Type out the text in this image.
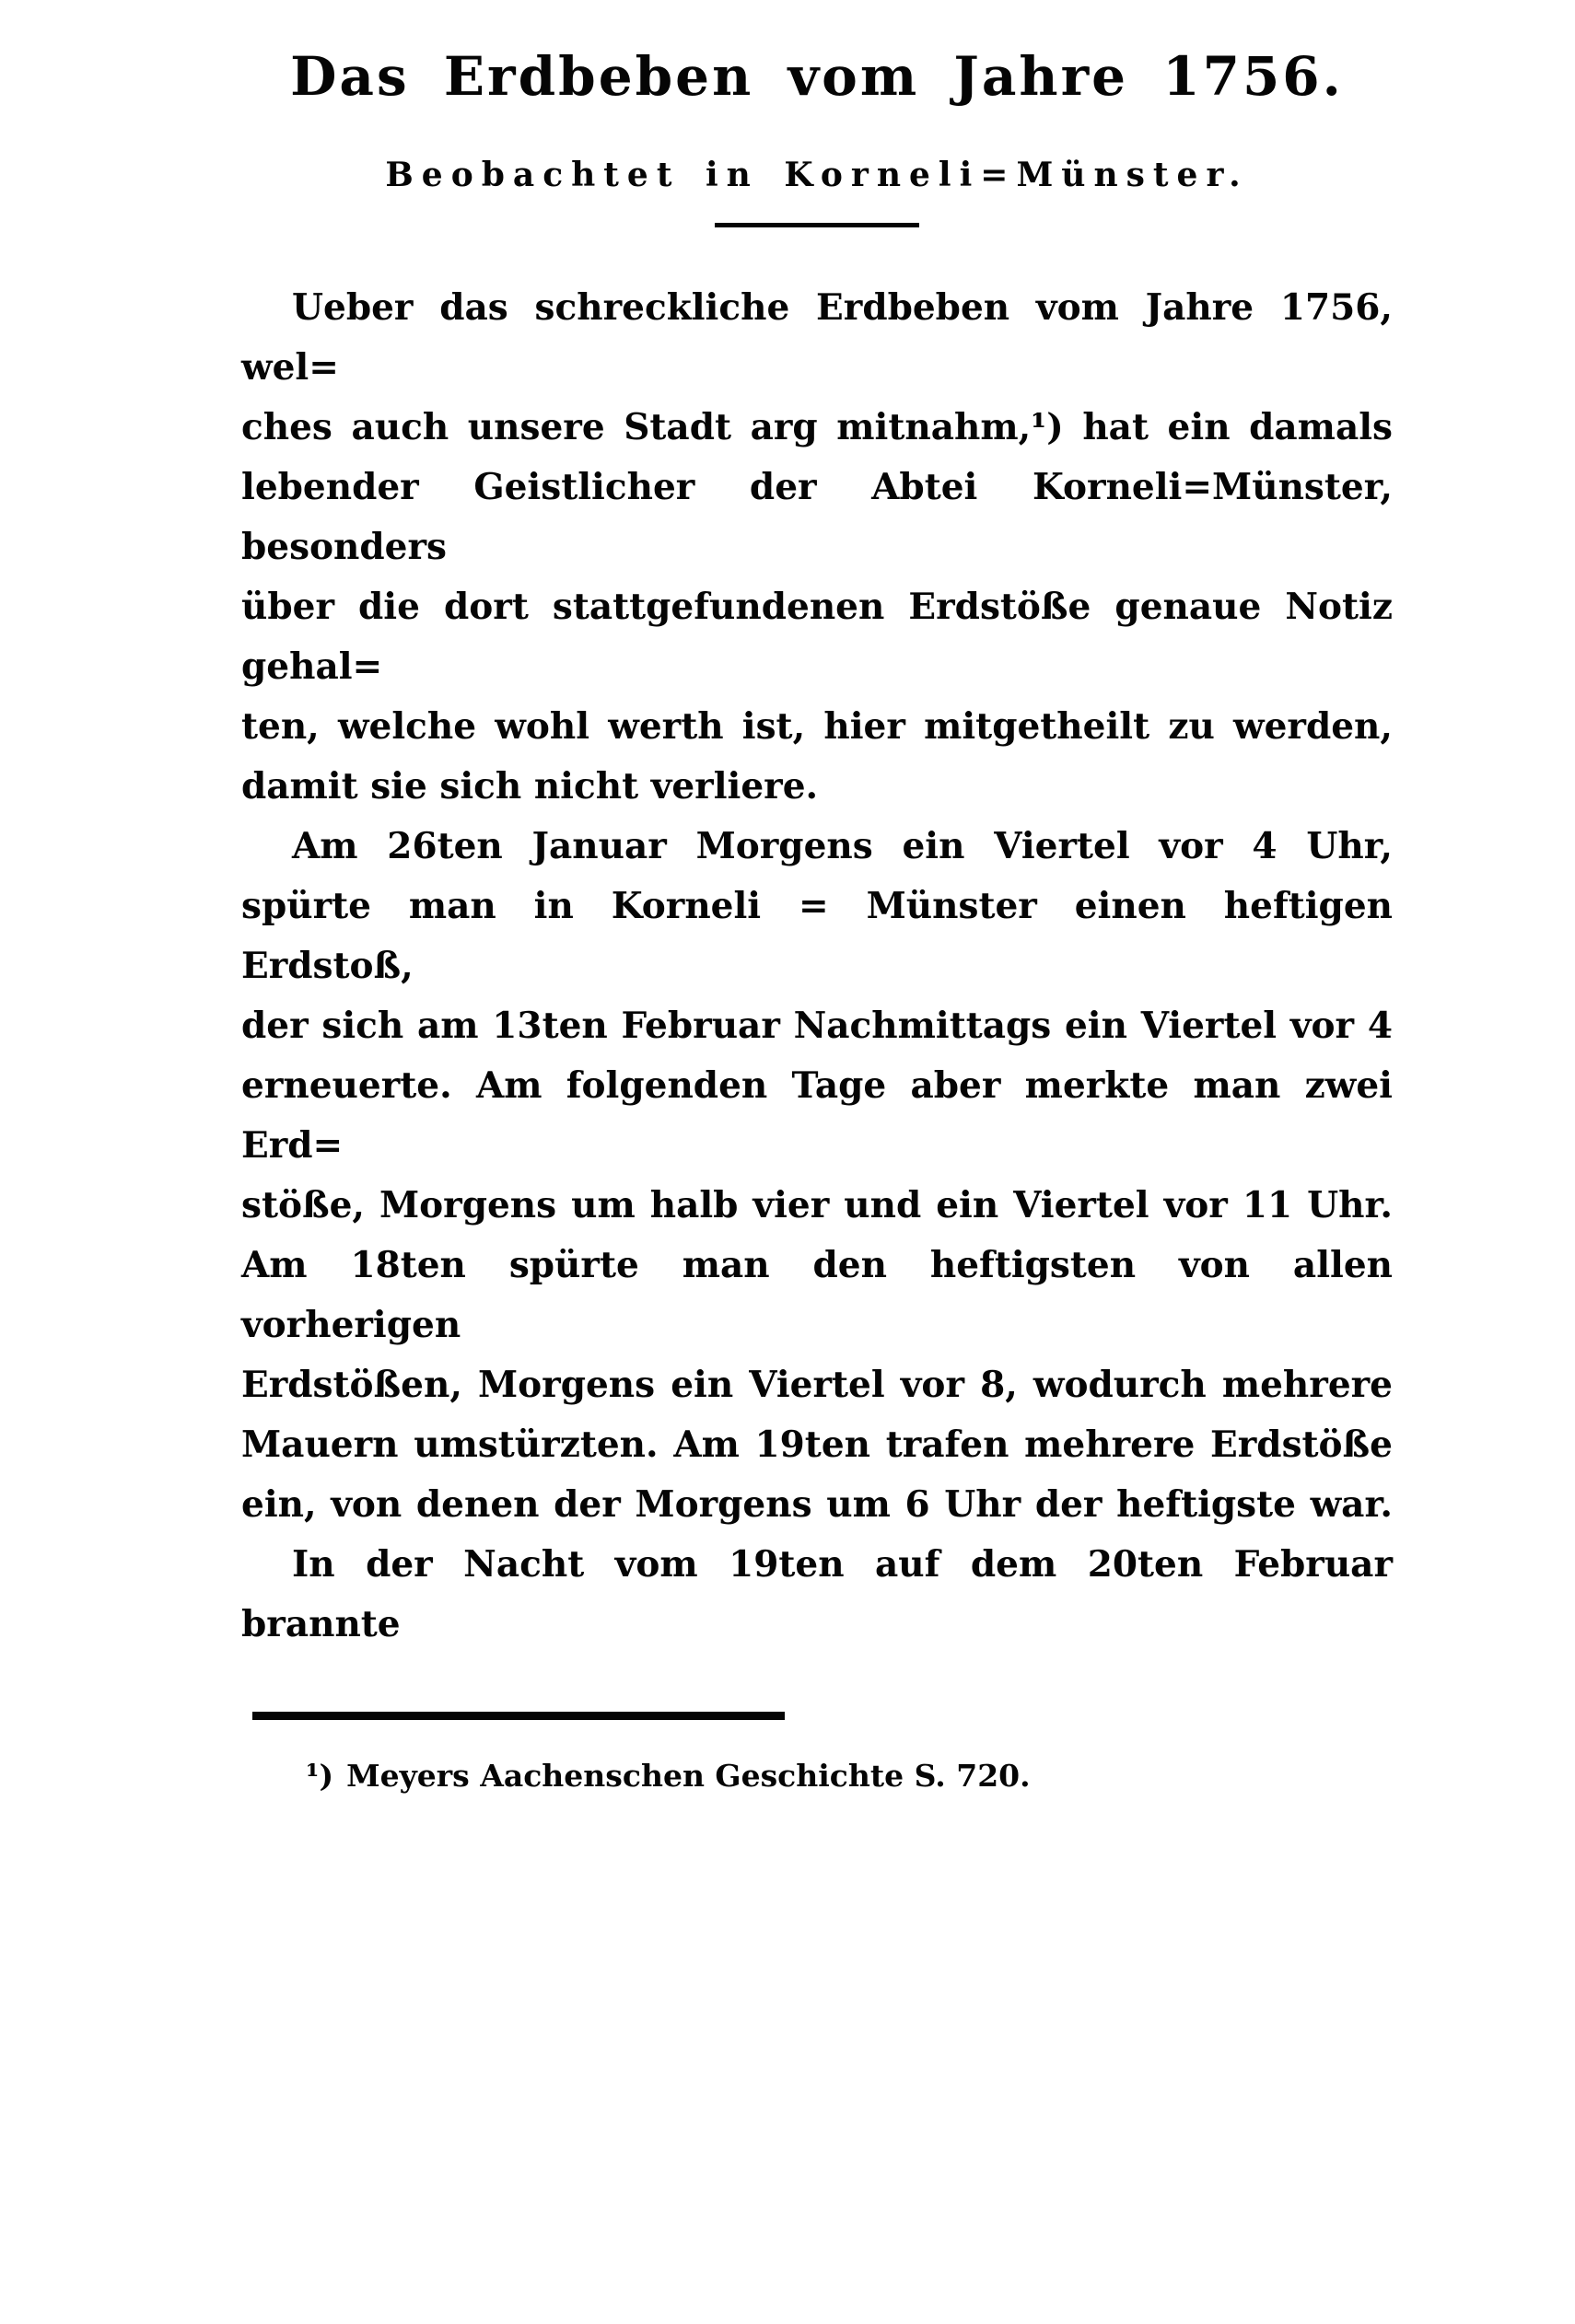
Das Erdbeben vom Jahre 1756.
Beobachtet in Korneli=Münster.
Ueber das schreckliche Erdbeben vom Jahre 1756, wel=
ches auch unsere Stadt arg mitnahm,¹) hat ein damals
lebender Geistlicher der Abtei Korneli=Münster, besonders
über die dort stattgefundenen Erdstöße genaue Notiz gehal=
ten, welche wohl werth ist, hier mitgetheilt zu werden,
damit sie sich nicht verliere.
Am 26ten Januar Morgens ein Viertel vor 4 Uhr,
spürte man in Korneli = Münster einen heftigen Erdstoß,
der sich am 13ten Februar Nachmittags ein Viertel vor 4
erneuerte. Am folgenden Tage aber merkte man zwei Erd=
stöße, Morgens um halb vier und ein Viertel vor 11 Uhr.
Am 18ten spürte man den heftigsten von allen vorherigen
Erdstößen, Morgens ein Viertel vor 8, wodurch mehrere
Mauern umstürzten. Am 19ten trafen mehrere Erdstöße
ein, von denen der Morgens um 6 Uhr der heftigste war.
In der Nacht vom 19ten auf dem 20ten Februar brannte
¹) Meyers Aachenschen Geschichte S. 720.
